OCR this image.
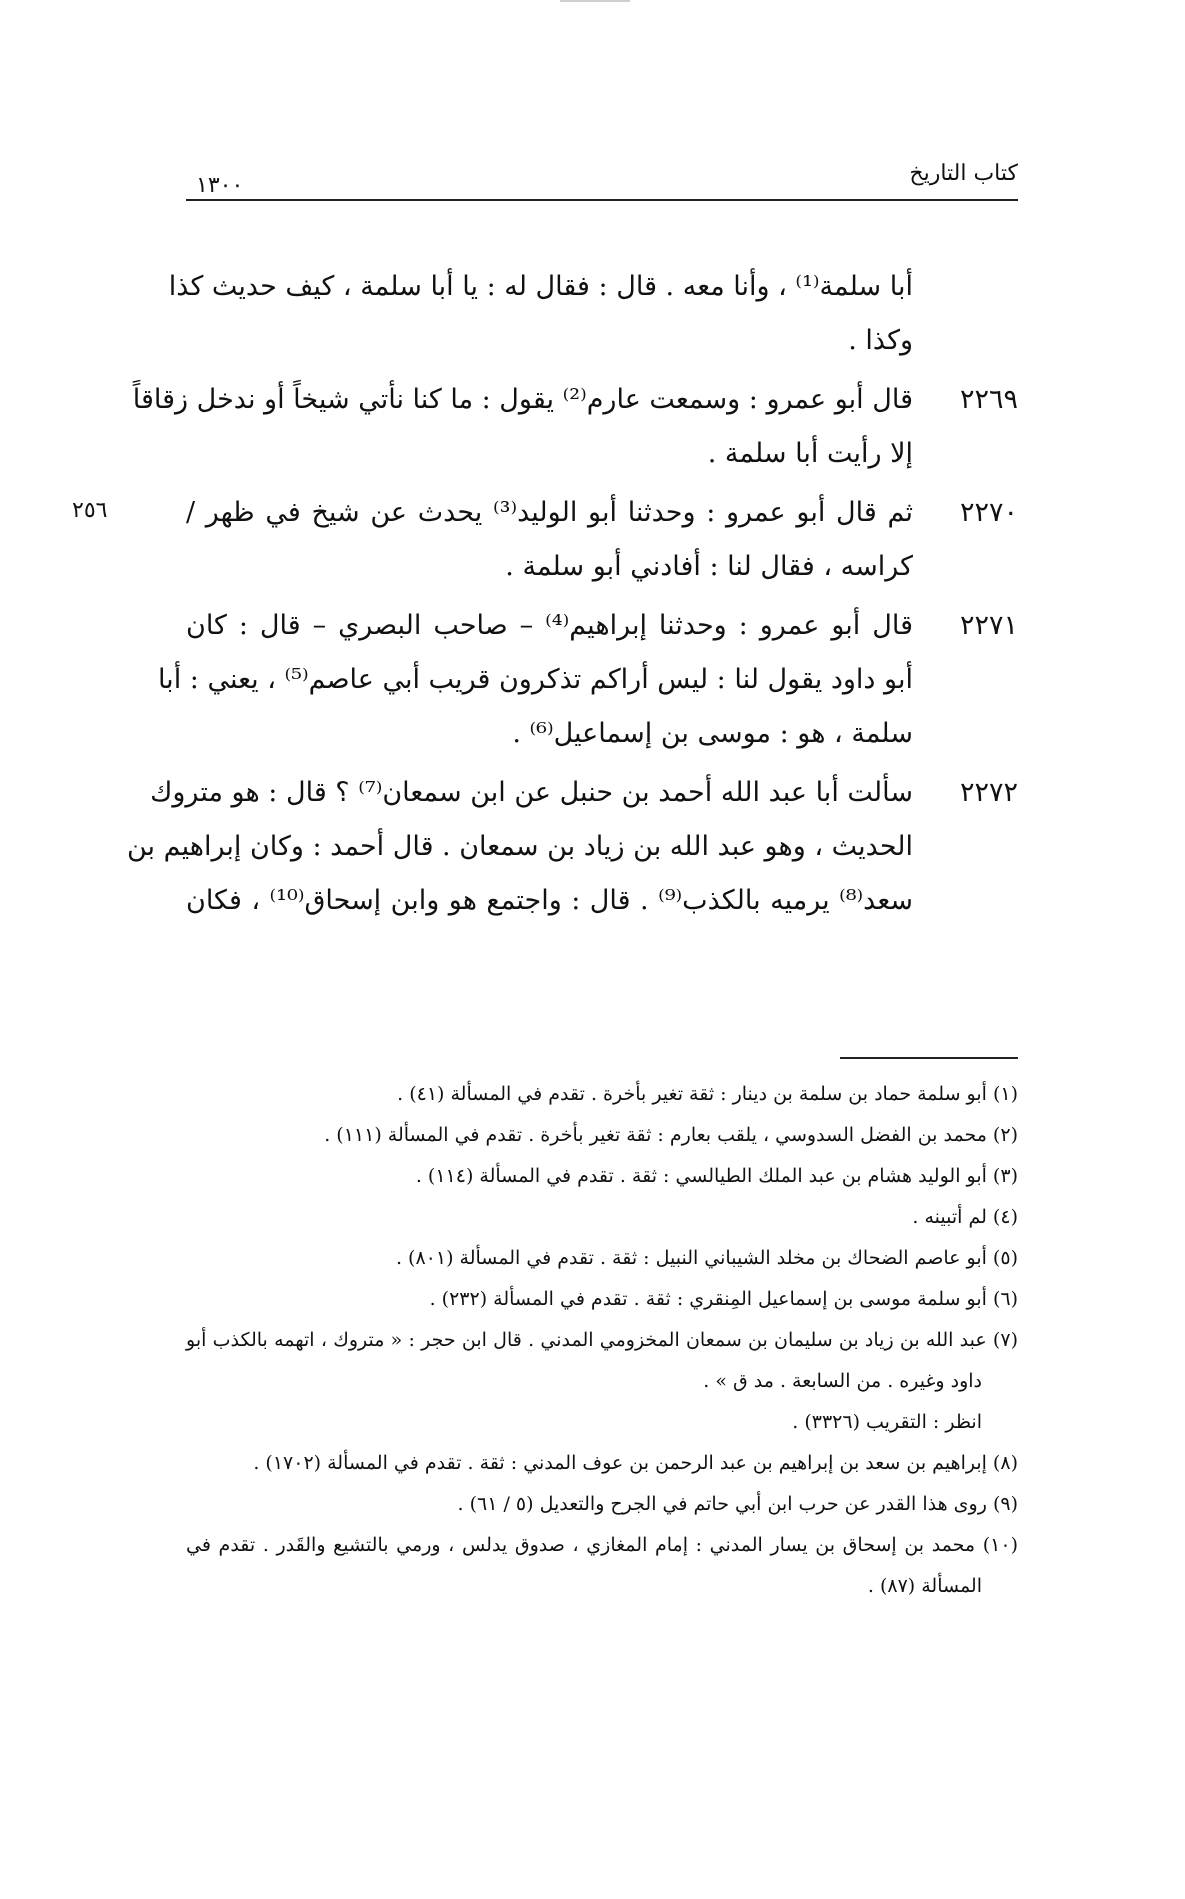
كتاب التاريخ
١٣٠٠
٢٥٦
أبا سلمة⁽¹⁾ ، وأنا معه . قال : فقال له : يا أبا سلمة ، كيف حديث كذا
وكذا .
٢٢٦٩
قال أبو عمرو : وسمعت عارم⁽²⁾ يقول : ما كنا نأتي شيخاً أو ندخل زقاقاً
إلا رأيت أبا سلمة .
٢٢٧٠
ثم قال أبو عمرو : وحدثنا أبو الوليد⁽³⁾ يحدث عن شيخ في ظهر /
كراسه ، فقال لنا : أفادني أبو سلمة .
٢٢٧١
قال أبو عمرو : وحدثنا إبراهيم⁽⁴⁾ – صاحب البصري – قال : كان
أبو داود يقول لنا : ليس أراكم تذكرون قريب أبي عاصم⁽⁵⁾ ، يعني : أبا
سلمة ، هو : موسى بن إسماعيل⁽⁶⁾ .
٢٢٧٢
سألت أبا عبد الله أحمد بن حنبل عن ابن سمعان⁽⁷⁾ ؟ قال : هو متروك
الحديث ، وهو عبد الله بن زياد بن سمعان . قال أحمد : وكان إبراهيم بن
سعد⁽⁸⁾ يرميه بالكذب⁽⁹⁾ . قال : واجتمع هو وابن إسحاق⁽¹⁰⁾ ، فكان
(١) أبو سلمة حماد بن سلمة بن دينار : ثقة تغير بأخرة . تقدم في المسألة (٤١) .
(٢) محمد بن الفضل السدوسي ، يلقب بعارم : ثقة تغير بأخرة . تقدم في المسألة (١١١) .
(٣) أبو الوليد هشام بن عبد الملك الطيالسي : ثقة . تقدم في المسألة (١١٤) .
(٤) لم أتبينه .
(٥) أبو عاصم الضحاك بن مخلد الشيباني النبيل : ثقة . تقدم في المسألة (٨٠١) .
(٦) أبو سلمة موسى بن إسماعيل المِنقري : ثقة . تقدم في المسألة (٢٣٢) .
(٧) عبد الله بن زياد بن سليمان بن سمعان المخزومي المدني . قال ابن حجر : « متروك ، اتهمه بالكذب أبو
داود وغيره . من السابعة . مد ق » .
انظر : التقريب (٣٣٢٦) .
(٨) إبراهيم بن سعد بن إبراهيم بن عبد الرحمن بن عوف المدني : ثقة . تقدم في المسألة (١٧٠٢) .
(٩) روى هذا القدر عن حرب ابن أبي حاتم في الجرح والتعديل (٥ / ٦١) .
(١٠) محمد بن إسحاق بن يسار المدني : إمام المغازي ، صدوق يدلس ، ورمي بالتشيع والقَدر . تقدم في
المسألة (٨٧) .
